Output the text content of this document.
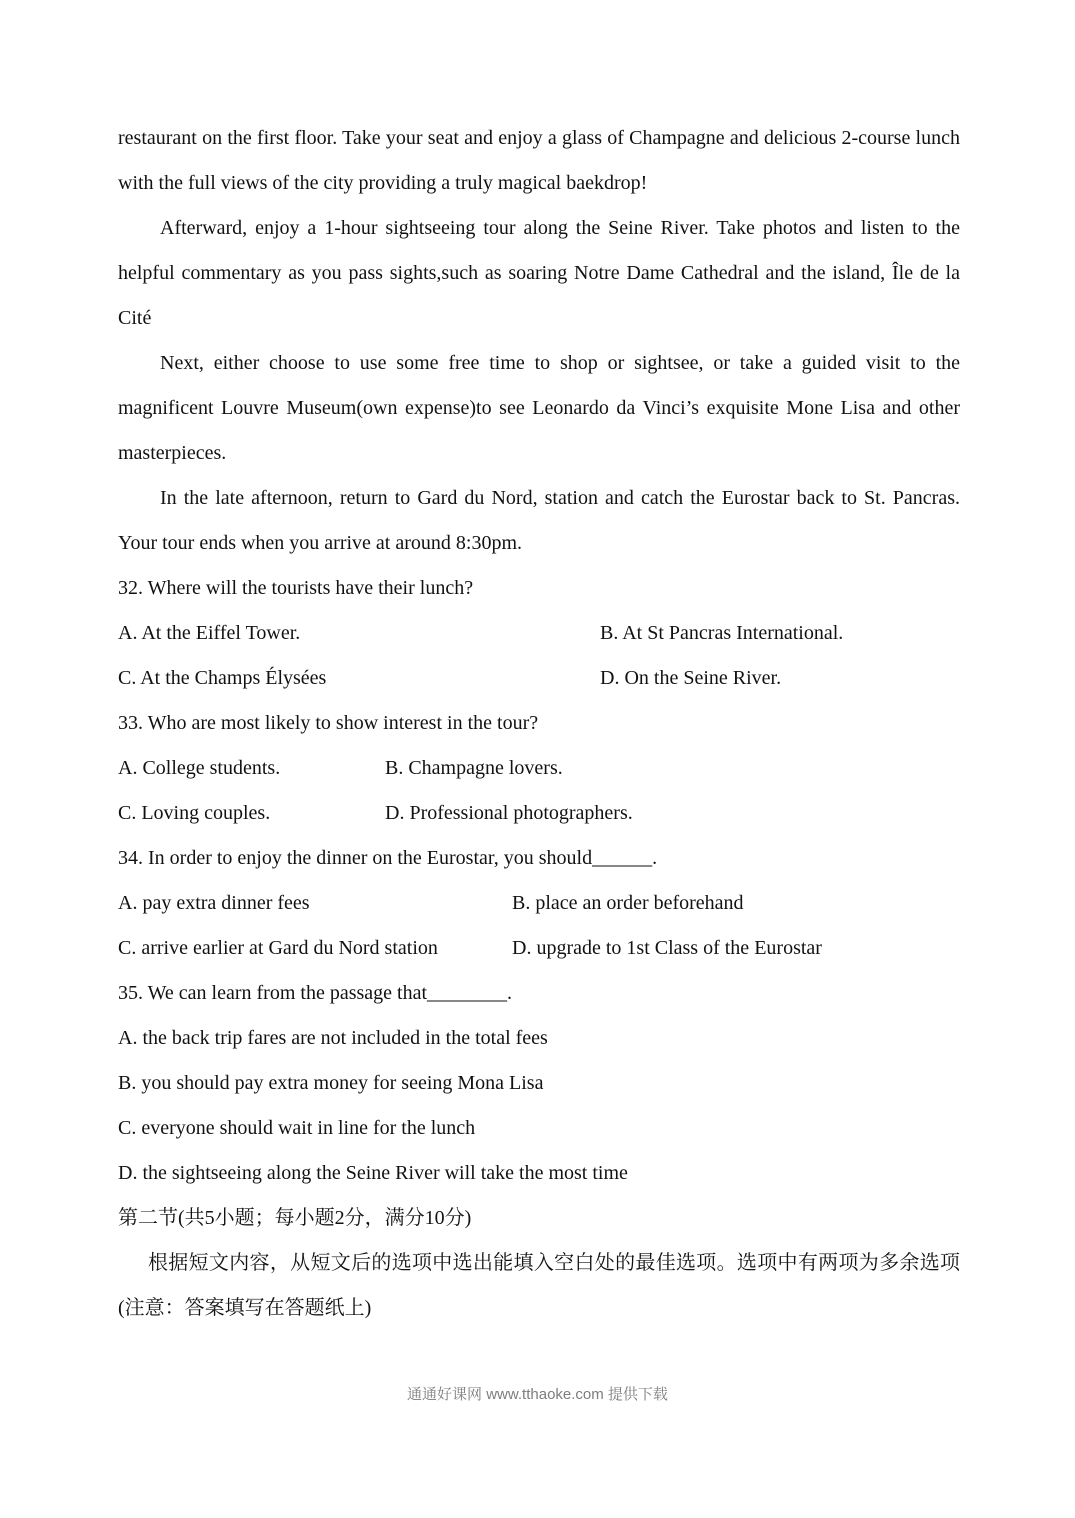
restaurant on the first floor. Take your seat and enjoy a glass of Champagne and delicious 2-course lunch with the full views of the city providing a truly magical baekdrop!

Afterward, enjoy a 1-hour sightseeing tour along the Seine River. Take photos and listen to the helpful commentary as you pass sights,such as soaring Notre Dame Cathedral and the island, Île de la Cité

Next, either choose to use some free time to shop or sightsee, or take a guided visit to the magnificent Louvre Museum(own expense)to see Leonardo da Vinci’s exquisite Mone Lisa and other masterpieces.

In the late afternoon, return to Gard du Nord, station and catch the Eurostar back to St. Pancras. Your tour ends when you arrive at around 8:30pm.

32. Where will the tourists have their lunch?

A. At the Eiffel Tower.	B. At St Pancras International.
C. At the Champs Élysées	D. On the Seine River.

33. Who are most likely to show interest in the tour?

A. College students.	B. Champagne lovers.
C. Loving couples.	D. Professional photographers.

34. In order to enjoy the dinner on the Eurostar, you should______.

A. pay extra dinner fees	B. place an order beforehand
C. arrive earlier at Gard du Nord station	D. upgrade to 1st Class of the Eurostar

35. We can learn from the passage that________.

A. the back trip fares are not included in the total fees

B. you should pay extra money for seeing Mona Lisa

C. everyone should wait in line for the lunch

D. the sightseeing along the Seine River will take the most time

第二节(共5小题；每小题2分，满分10分)

根据短文内容，从短文后的选项中选出能填入空白处的最佳选项。选项中有两项为多余选项(注意：答案填写在答题纸上)

通通好课网 www.tthaoke.com 提供下载
